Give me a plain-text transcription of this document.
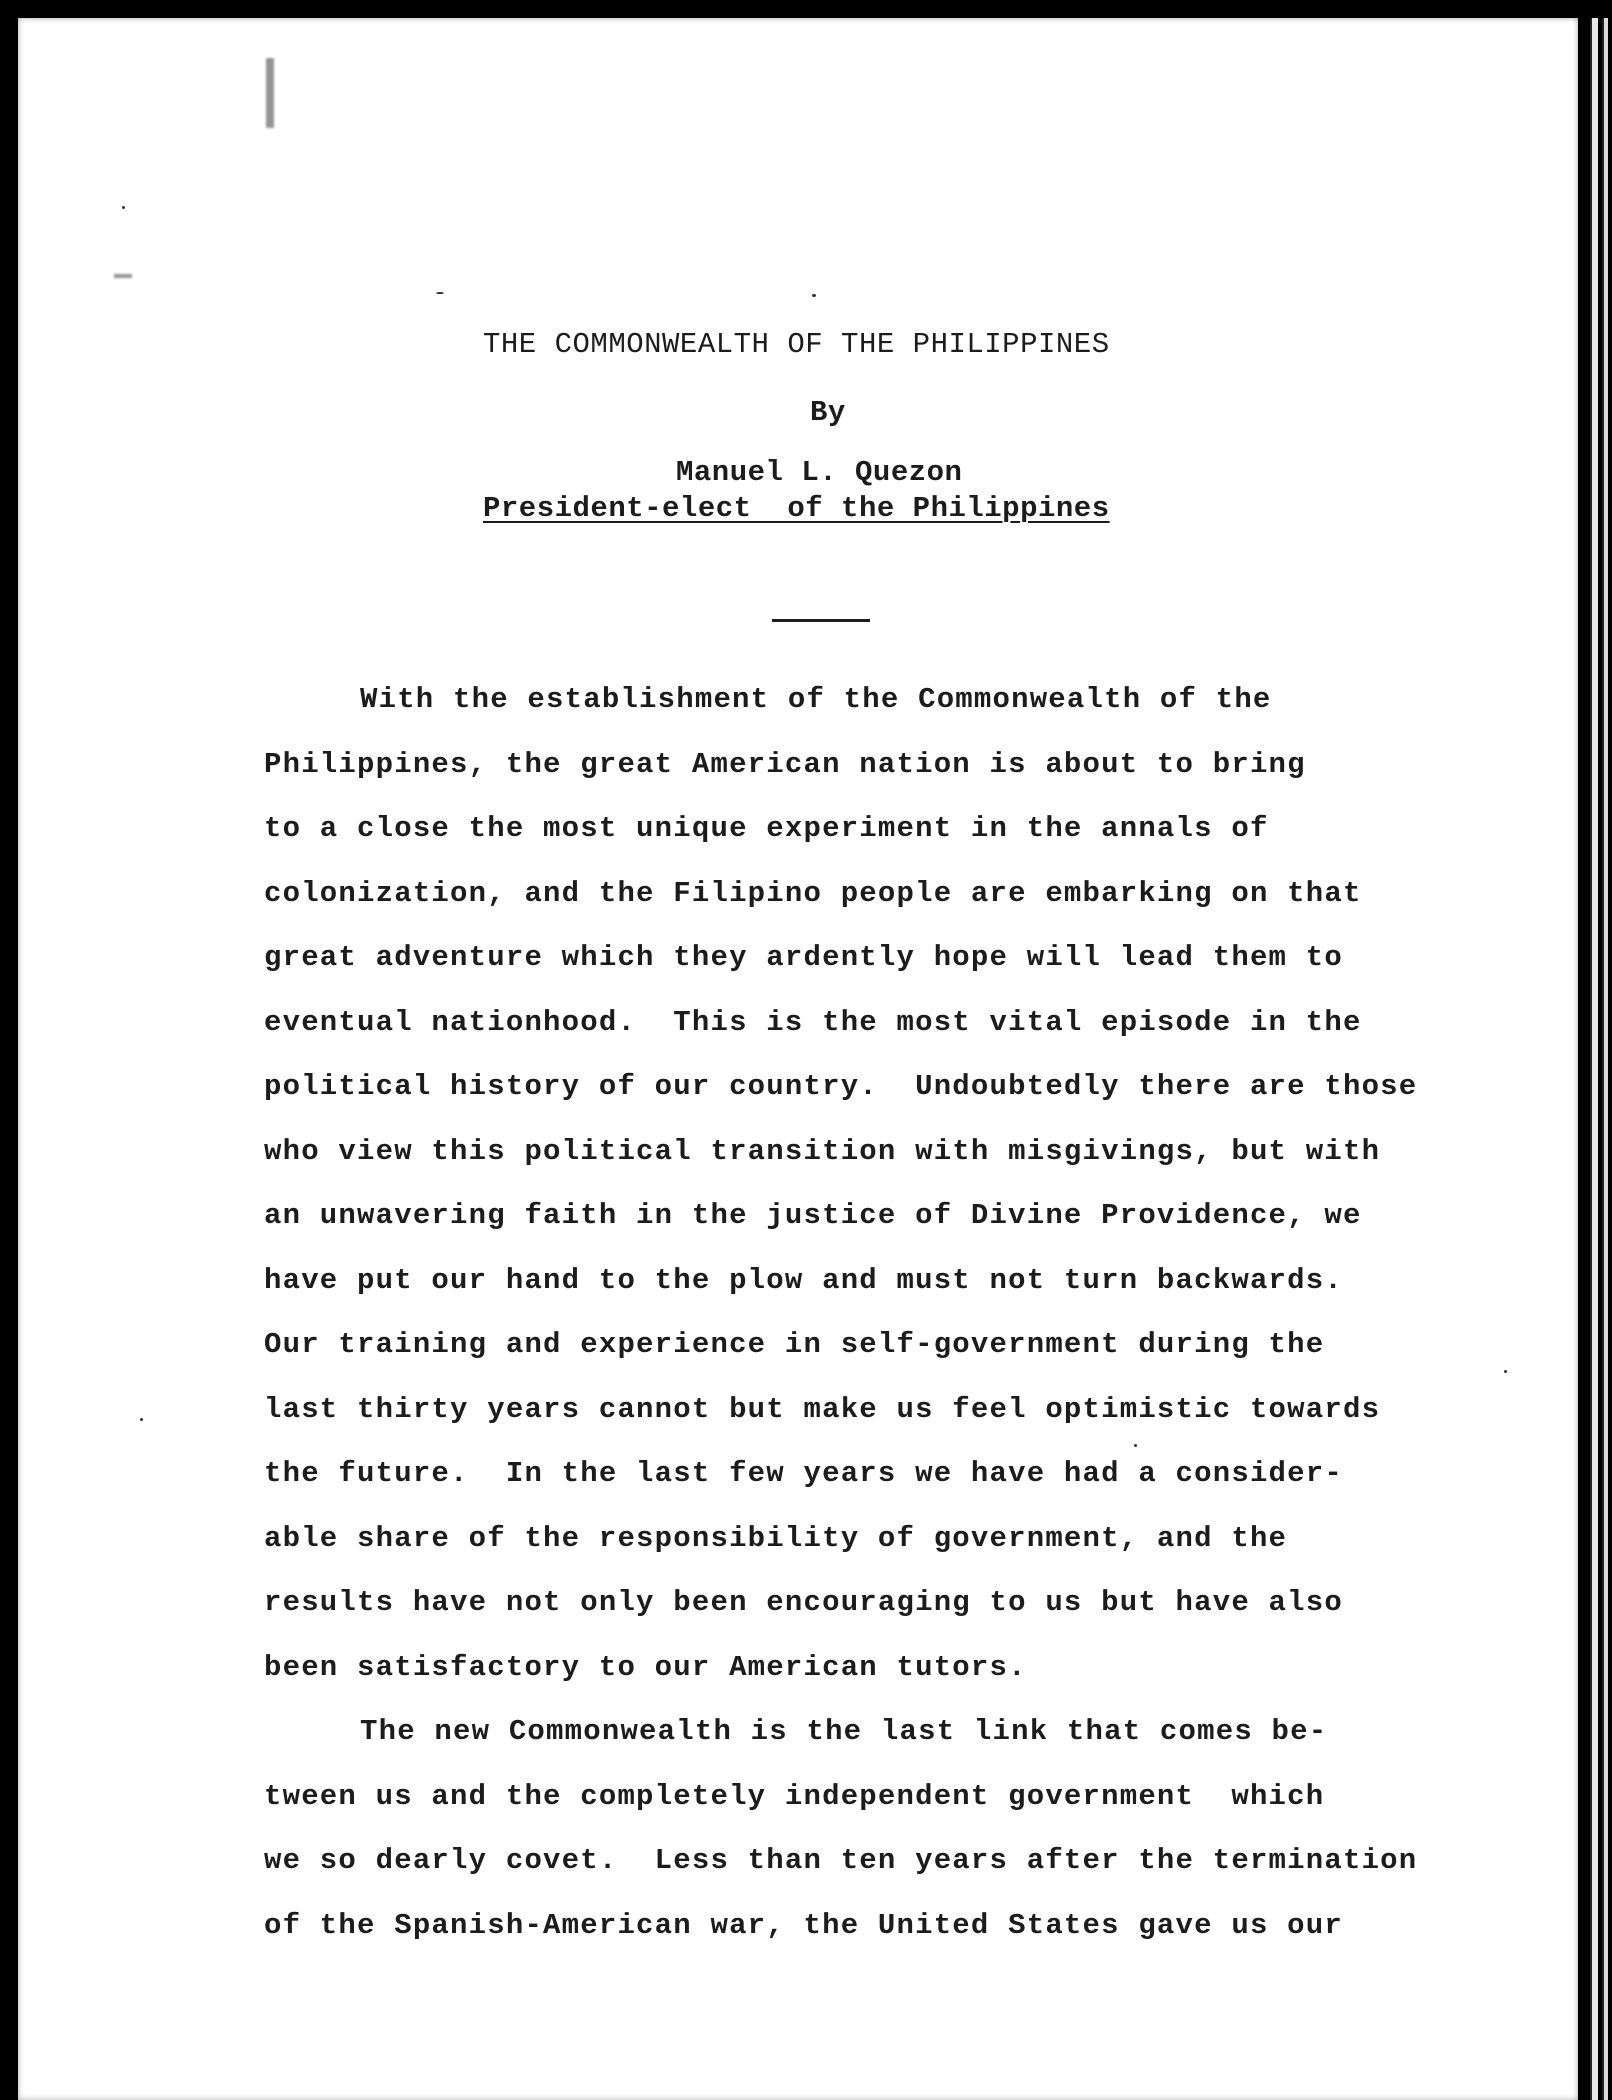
THE COMMONWEALTH OF THE PHILIPPINES
By
Manuel L. Quezon
President-elect  of the Philippines
With the establishment of the Commonwealth of the
Philippines, the great American nation is about to bring
to a close the most unique experiment in the annals of
colonization, and the Filipino people are embarking on that
great adventure which they ardently hope will lead them to
eventual nationhood.  This is the most vital episode in the
political history of our country.  Undoubtedly there are those
who view this political transition with misgivings, but with
an unwavering faith in the justice of Divine Providence, we
have put our hand to the plow and must not turn backwards.
Our training and experience in self-government during the
last thirty years cannot but make us feel optimistic towards
the future.  In the last few years we have had a consider-
able share of the responsibility of government, and the
results have not only been encouraging to us but have also
been satisfactory to our American tutors.
The new Commonwealth is the last link that comes be-
tween us and the completely independent government  which
we so dearly covet.  Less than ten years after the termination
of the Spanish-American war, the United States gave us our
